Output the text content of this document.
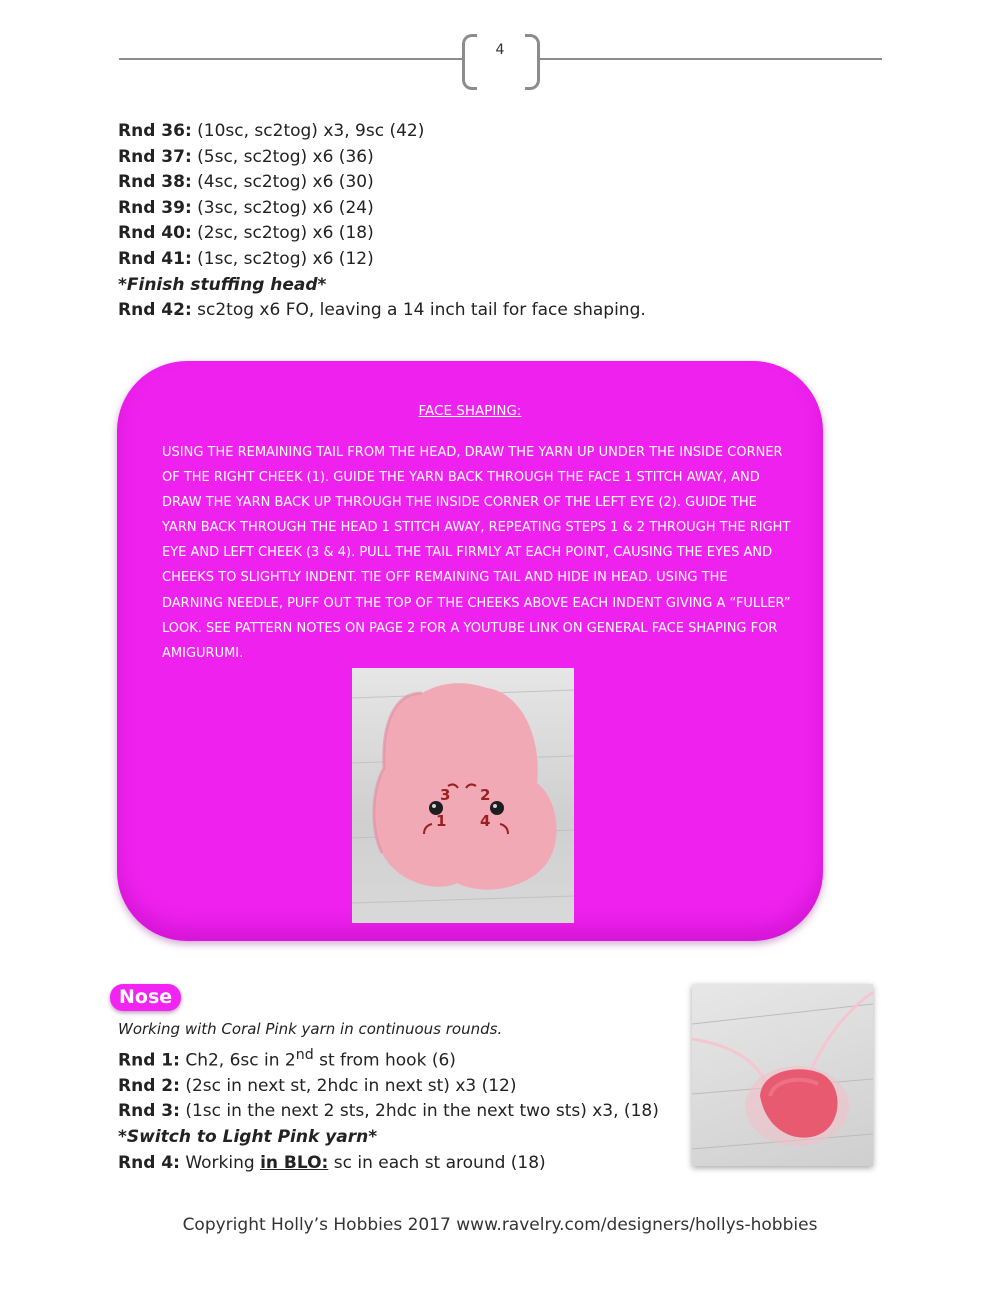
4
Rnd 36: (10sc, sc2tog) x3, 9sc (42)
Rnd 37: (5sc, sc2tog) x6 (36)
Rnd 38: (4sc, sc2tog) x6 (30)
Rnd 39: (3sc, sc2tog) x6 (24)
Rnd 40: (2sc, sc2tog) x6 (18)
Rnd 41: (1sc, sc2tog) x6 (12)
*Finish stuffing head*
Rnd 42: sc2tog x6 FO, leaving a 14 inch tail for face shaping.
FACE SHAPING:
USING THE REMAINING TAIL FROM THE HEAD, DRAW THE YARN UP UNDER THE INSIDE CORNER OF THE RIGHT CHEEK (1). GUIDE THE YARN BACK THROUGH THE FACE 1 STITCH AWAY, AND DRAW THE YARN BACK UP THROUGH THE INSIDE CORNER OF THE LEFT EYE (2). GUIDE THE YARN BACK THROUGH THE HEAD 1 STITCH AWAY, REPEATING STEPS 1 & 2 THROUGH THE RIGHT EYE AND LEFT CHEEK (3 & 4). PULL THE TAIL FIRMLY AT EACH POINT, CAUSING THE EYES AND CHEEKS TO SLIGHTLY INDENT. TIE OFF REMAINING TAIL AND HIDE IN HEAD. USING THE DARNING NEEDLE, PUFF OUT THE TOP OF THE CHEEKS ABOVE EACH INDENT GIVING A “FULLER” LOOK. SEE PATTERN NOTES ON PAGE 2 FOR A YOUTUBE LINK ON GENERAL FACE SHAPING FOR AMIGURUMI.
3 2
1 4
Nose
Working with Coral Pink yarn in continuous rounds.
Rnd 1: Ch2, 6sc in 2nd st from hook (6)
Rnd 2: (2sc in next st, 2hdc in next st) x3 (12)
Rnd 3: (1sc in the next 2 sts, 2hdc in the next two sts) x3, (18)
*Switch to Light Pink yarn*
Rnd 4: Working in BLO: sc in each st around (18)
Copyright Holly’s Hobbies 2017 www.ravelry.com/designers/hollys-hobbies
